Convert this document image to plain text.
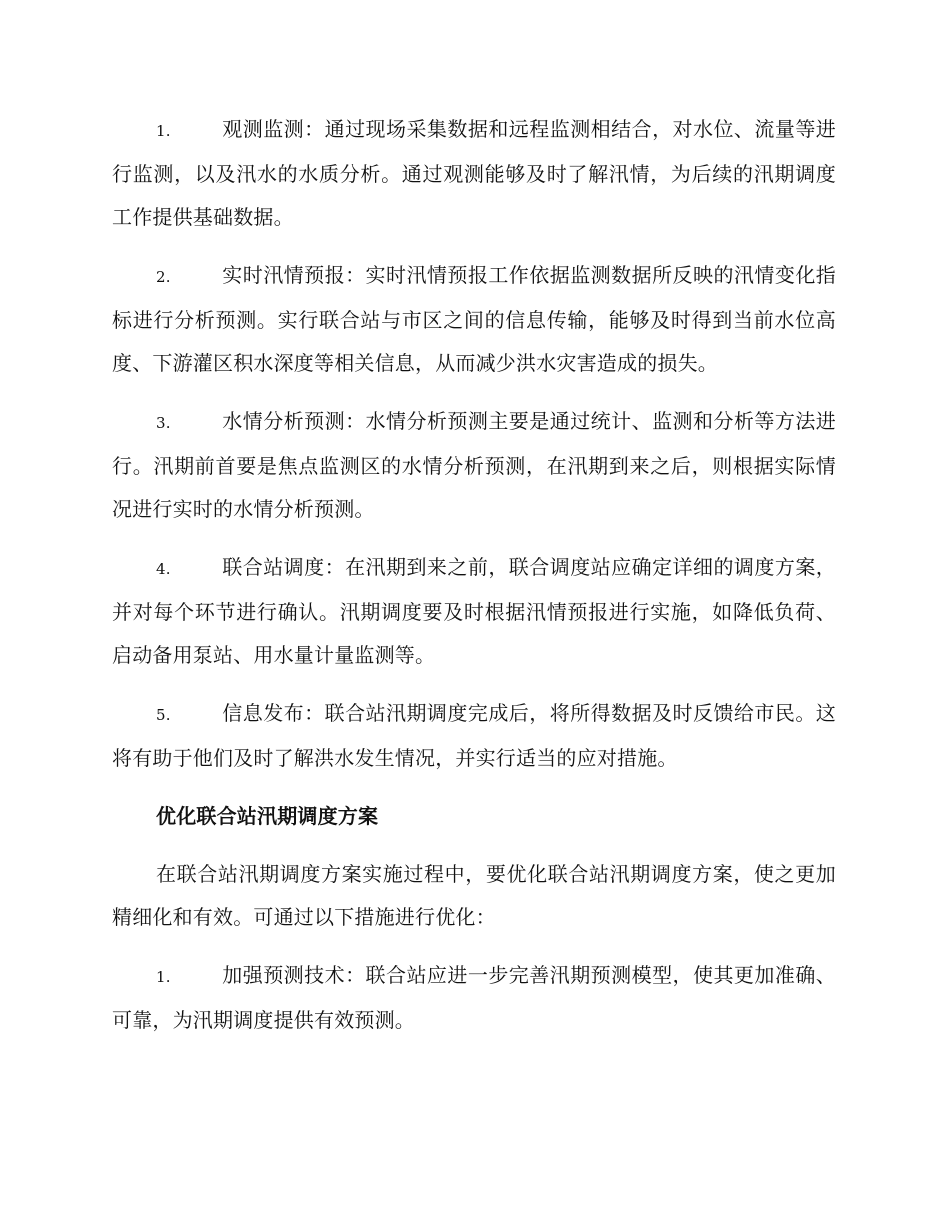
1.	观测监测：通过现场采集数据和远程监测相结合，对水位、流量等进行监测，以及汛水的水质分析。通过观测能够及时了解汛情，为后续的汛期调度工作提供基础数据。

2.	实时汛情预报：实时汛情预报工作依据监测数据所反映的汛情变化指标进行分析预测。实行联合站与市区之间的信息传输，能够及时得到当前水位高度、下游灌区积水深度等相关信息，从而减少洪水灾害造成的损失。

3.	水情分析预测：水情分析预测主要是通过统计、监测和分析等方法进行。汛期前首要是焦点监测区的水情分析预测，在汛期到来之后，则根据实际情况进行实时的水情分析预测。

4.	联合站调度：在汛期到来之前，联合调度站应确定详细的调度方案，并对每个环节进行确认。汛期调度要及时根据汛情预报进行实施，如降低负荷、启动备用泵站、用水量计量监测等。

5.	信息发布：联合站汛期调度完成后，将所得数据及时反馈给市民。这将有助于他们及时了解洪水发生情况，并实行适当的应对措施。

优化联合站汛期调度方案

在联合站汛期调度方案实施过程中，要优化联合站汛期调度方案，使之更加精细化和有效。可通过以下措施进行优化：

1.	加强预测技术：联合站应进一步完善汛期预测模型，使其更加准确、可靠，为汛期调度提供有效预测。
